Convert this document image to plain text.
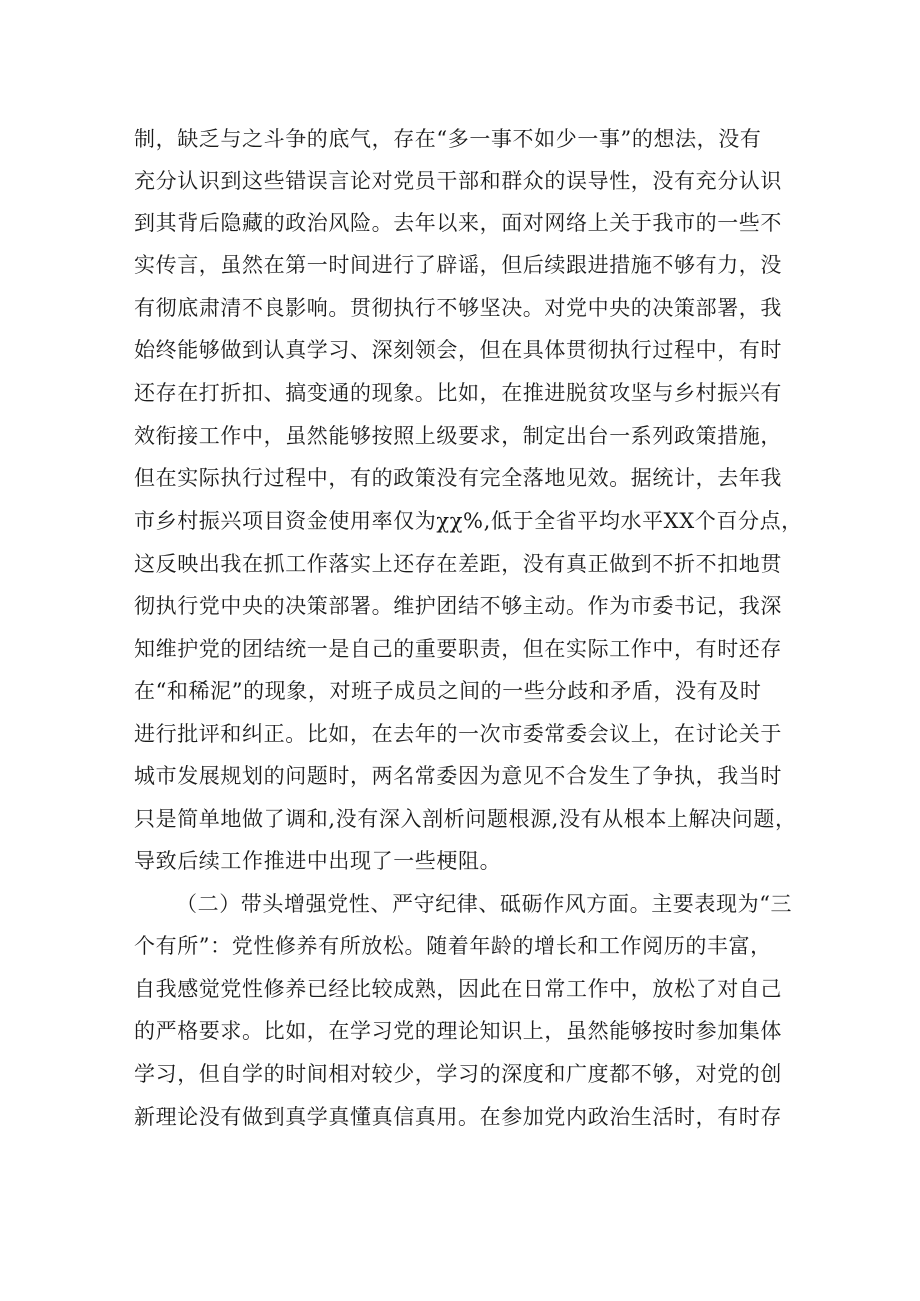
制，缺乏与之斗争的底气，存在“多一事不如少一事”的想法，没有
充分认识到这些错误言论对党员干部和群众的误导性，没有充分认识
到其背后隐藏的政治风险。去年以来，面对网络上关于我市的一些不
实传言，虽然在第一时间进行了辟谣，但后续跟进措施不够有力，没
有彻底肃清不良影响。贯彻执行不够坚决。对党中央的决策部署，我
始终能够做到认真学习、深刻领会，但在具体贯彻执行过程中，有时
还存在打折扣、搞变通的现象。比如，在推进脱贫攻坚与乡村振兴有
效衔接工作中，虽然能够按照上级要求，制定出台一系列政策措施，
但在实际执行过程中，有的政策没有完全落地见效。据统计，去年我
市乡村振兴项目资金使用率仅为χχ%,低于全省平均水平XX个百分点，
这反映出我在抓工作落实上还存在差距，没有真正做到不折不扣地贯
彻执行党中央的决策部署。维护团结不够主动。作为市委书记，我深
知维护党的团结统一是自己的重要职责，但在实际工作中，有时还存
在“和稀泥”的现象，对班子成员之间的一些分歧和矛盾，没有及时
进行批评和纠正。比如，在去年的一次市委常委会议上，在讨论关于
城市发展规划的问题时，两名常委因为意见不合发生了争执，我当时
只是简单地做了调和,没有深入剖析问题根源,没有从根本上解决问题，
导致后续工作推进中出现了一些梗阻。
（二）带头增强党性、严守纪律、砥砺作风方面。主要表现为“三
个有所”：党性修养有所放松。随着年龄的增长和工作阅历的丰富，
自我感觉党性修养已经比较成熟，因此在日常工作中，放松了对自己
的严格要求。比如，在学习党的理论知识上，虽然能够按时参加集体
学习，但自学的时间相对较少，学习的深度和广度都不够，对党的创
新理论没有做到真学真懂真信真用。在参加党内政治生活时，有时存
